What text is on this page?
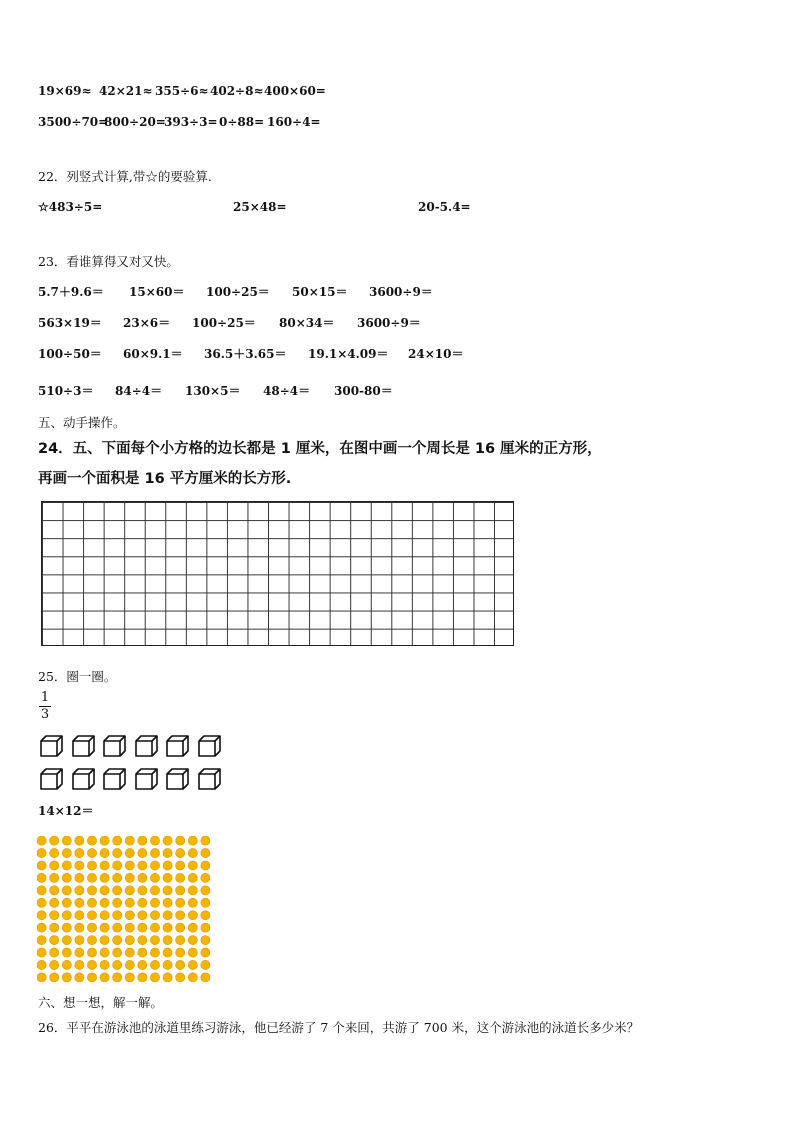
19×69≈ 42×21≈ 355÷6≈ 402÷8≈ 400×60=
3500÷70=
800÷20=
393÷3= 0÷88= 160÷4=
22．列竖式计算,带☆的要验算.
☆483÷5=	25×48=	20-5.4=
23．看谁算得又对又快。
5.7＋9.6＝ 15×60＝ 100÷25＝ 50×15＝ 3600÷9＝
563×19＝ 23×6＝ 100÷25＝ 80×34＝ 3600÷9＝
100÷50＝ 60×9.1＝ 36.5＋3.65＝ 19.1×4.09＝ 24×10＝
510÷3＝ 84÷4＝ 130×5＝ 48÷4＝ 300-80＝
五、动手操作。
24．五、下面每个小方格的边长都是 1 厘米，在图中画一个周长是 16 厘米的正方形，
再画一个面积是 16 平方厘米的长方形.
25．圈一圈。
$\frac{1}{3}$
14×12＝
六、想一想，解一解。
26．平平在游泳池的泳道里练习游泳，他已经游了 7 个来回，共游了 700 米，这个游泳池的泳道长多少米？
